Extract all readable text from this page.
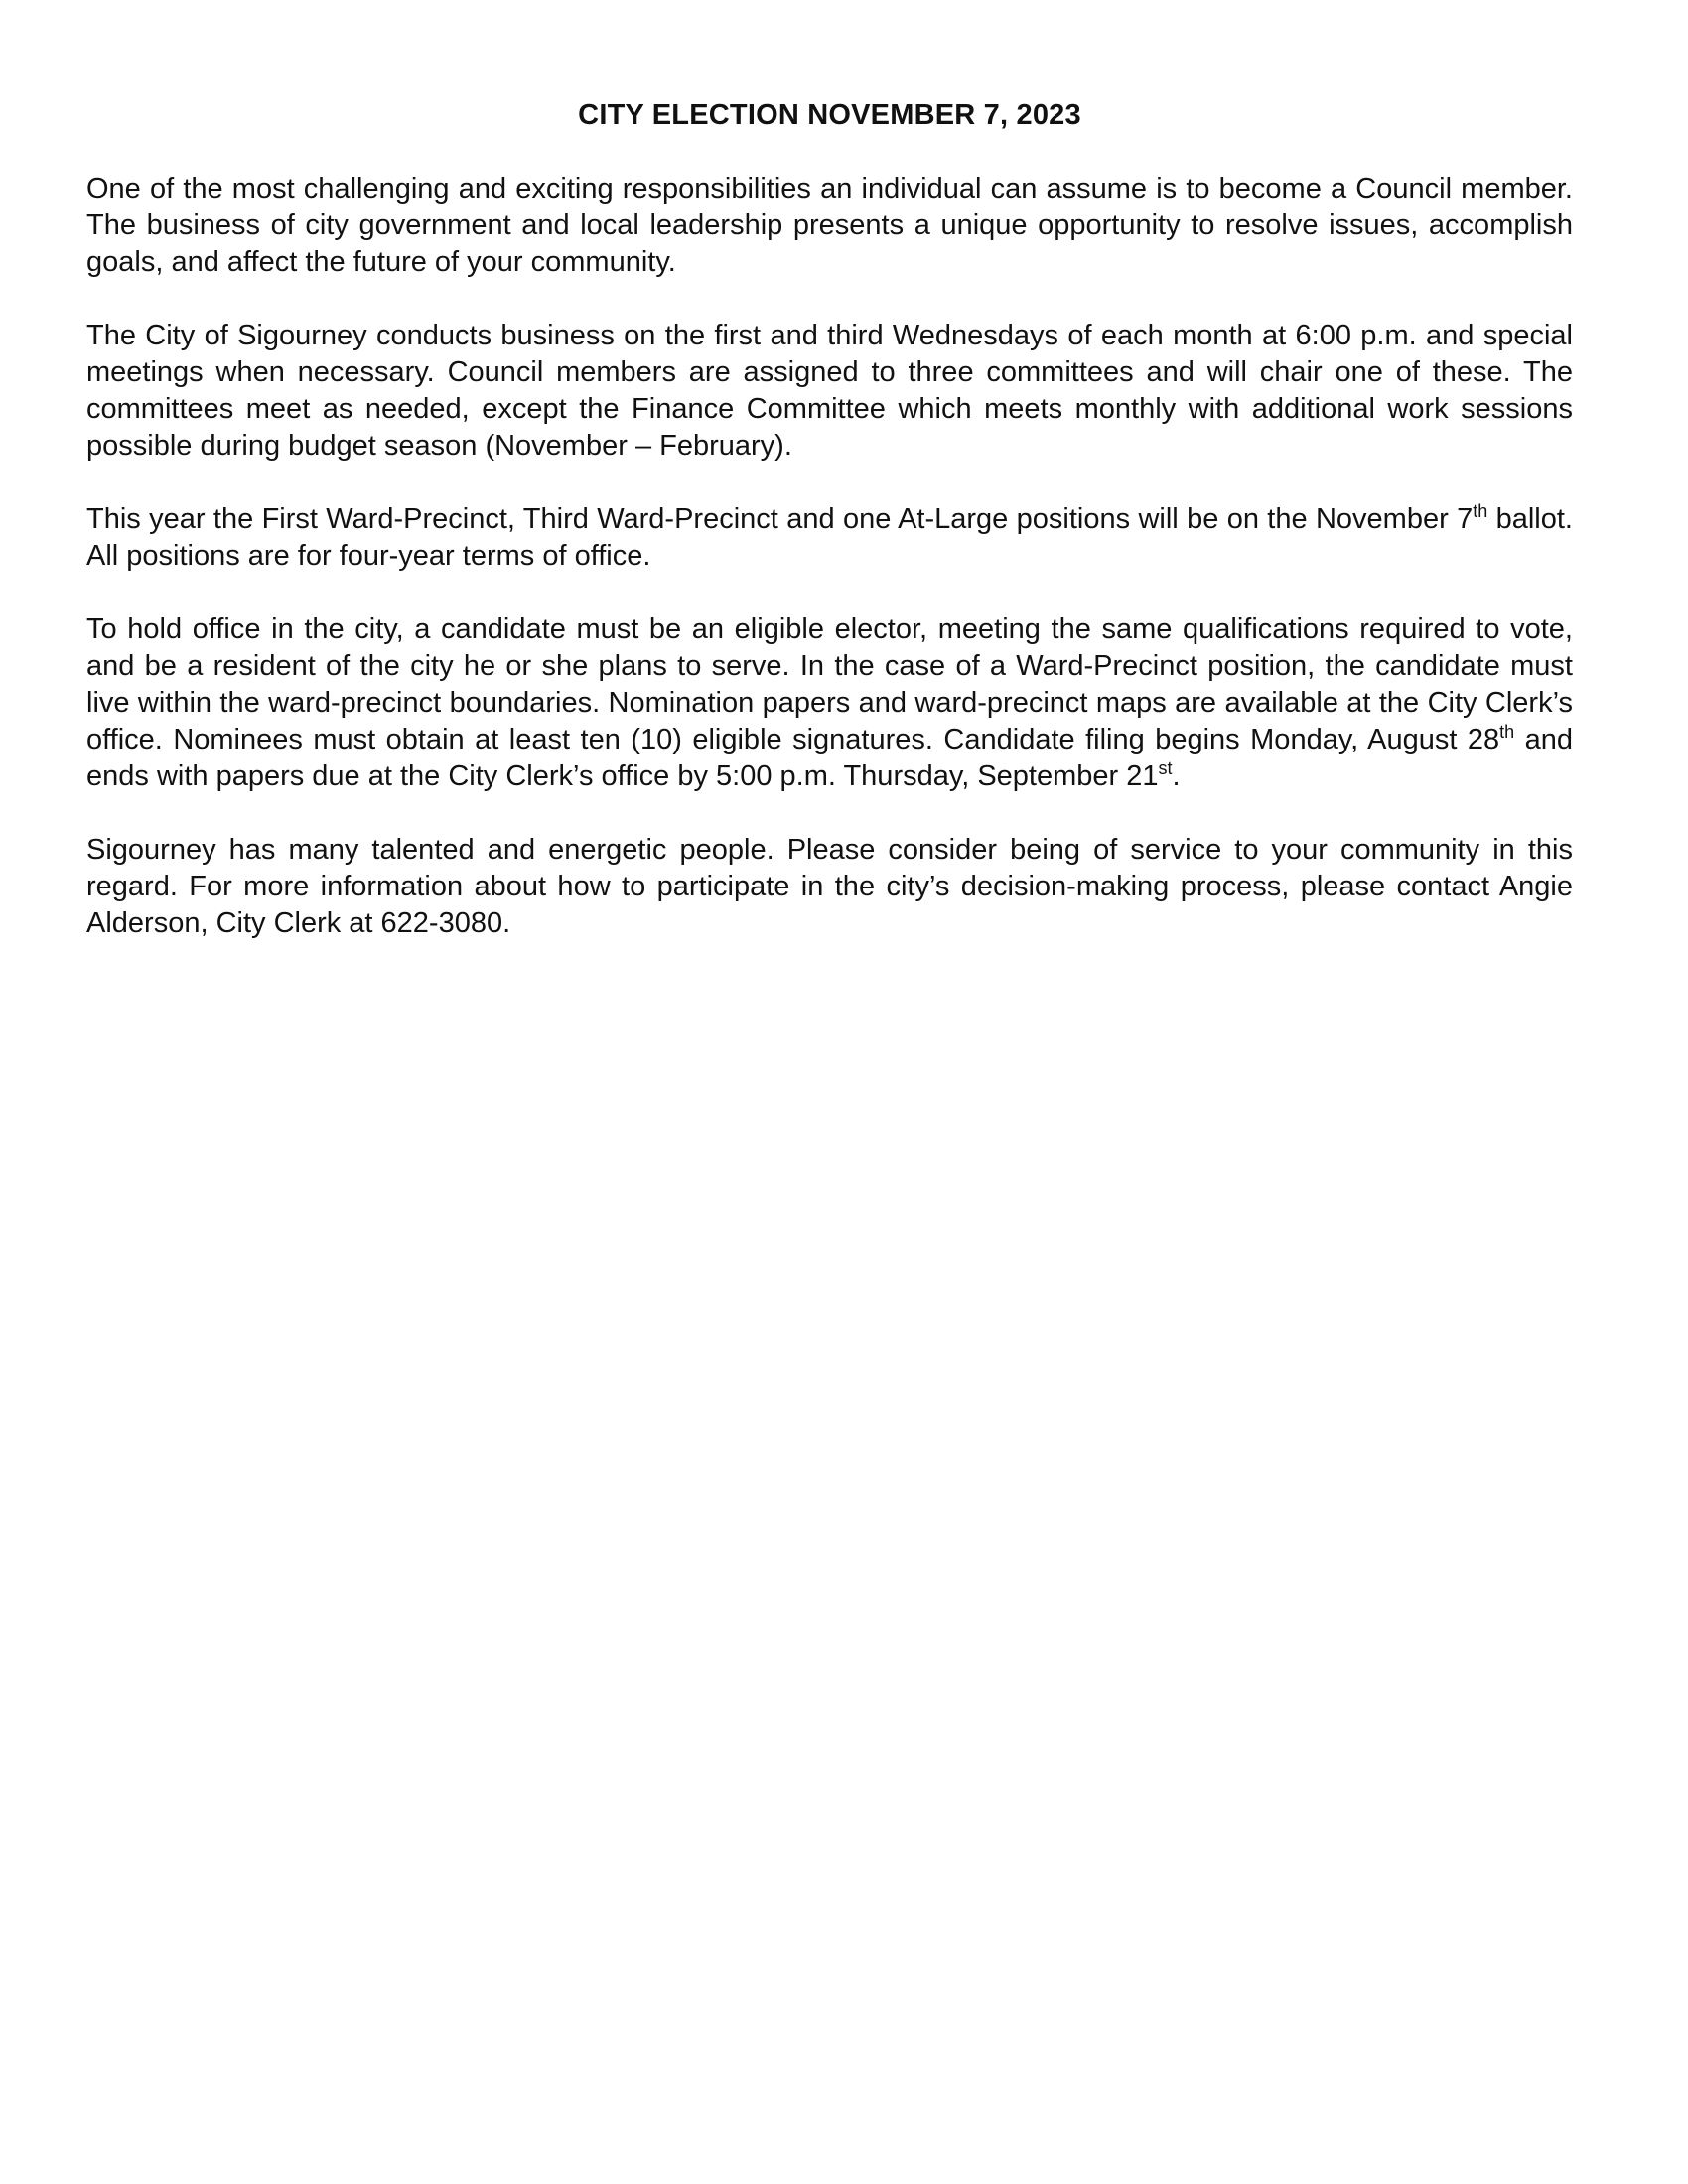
CITY ELECTION NOVEMBER 7, 2023

One of the most challenging and exciting responsibilities an individual can assume is to become a Council member. The business of city government and local leadership presents a unique opportunity to resolve issues, accomplish goals, and affect the future of your community.

The City of Sigourney conducts business on the first and third Wednesdays of each month at 6:00 p.m. and special meetings when necessary. Council members are assigned to three committees and will chair one of these. The committees meet as needed, except the Finance Committee which meets monthly with additional work sessions possible during budget season (November – February).

This year the First Ward-Precinct, Third Ward-Precinct and one At-Large positions will be on the November 7th ballot. All positions are for four-year terms of office.

To hold office in the city, a candidate must be an eligible elector, meeting the same qualifications required to vote, and be a resident of the city he or she plans to serve. In the case of a Ward-Precinct position, the candidate must live within the ward-precinct boundaries. Nomination papers and ward-precinct maps are available at the City Clerk’s office. Nominees must obtain at least ten (10) eligible signatures. Candidate filing begins Monday, August 28th and ends with papers due at the City Clerk’s office by 5:00 p.m. Thursday, September 21st.

Sigourney has many talented and energetic people. Please consider being of service to your community in this regard. For more information about how to participate in the city’s decision-making process, please contact Angie Alderson, City Clerk at 622-3080.
